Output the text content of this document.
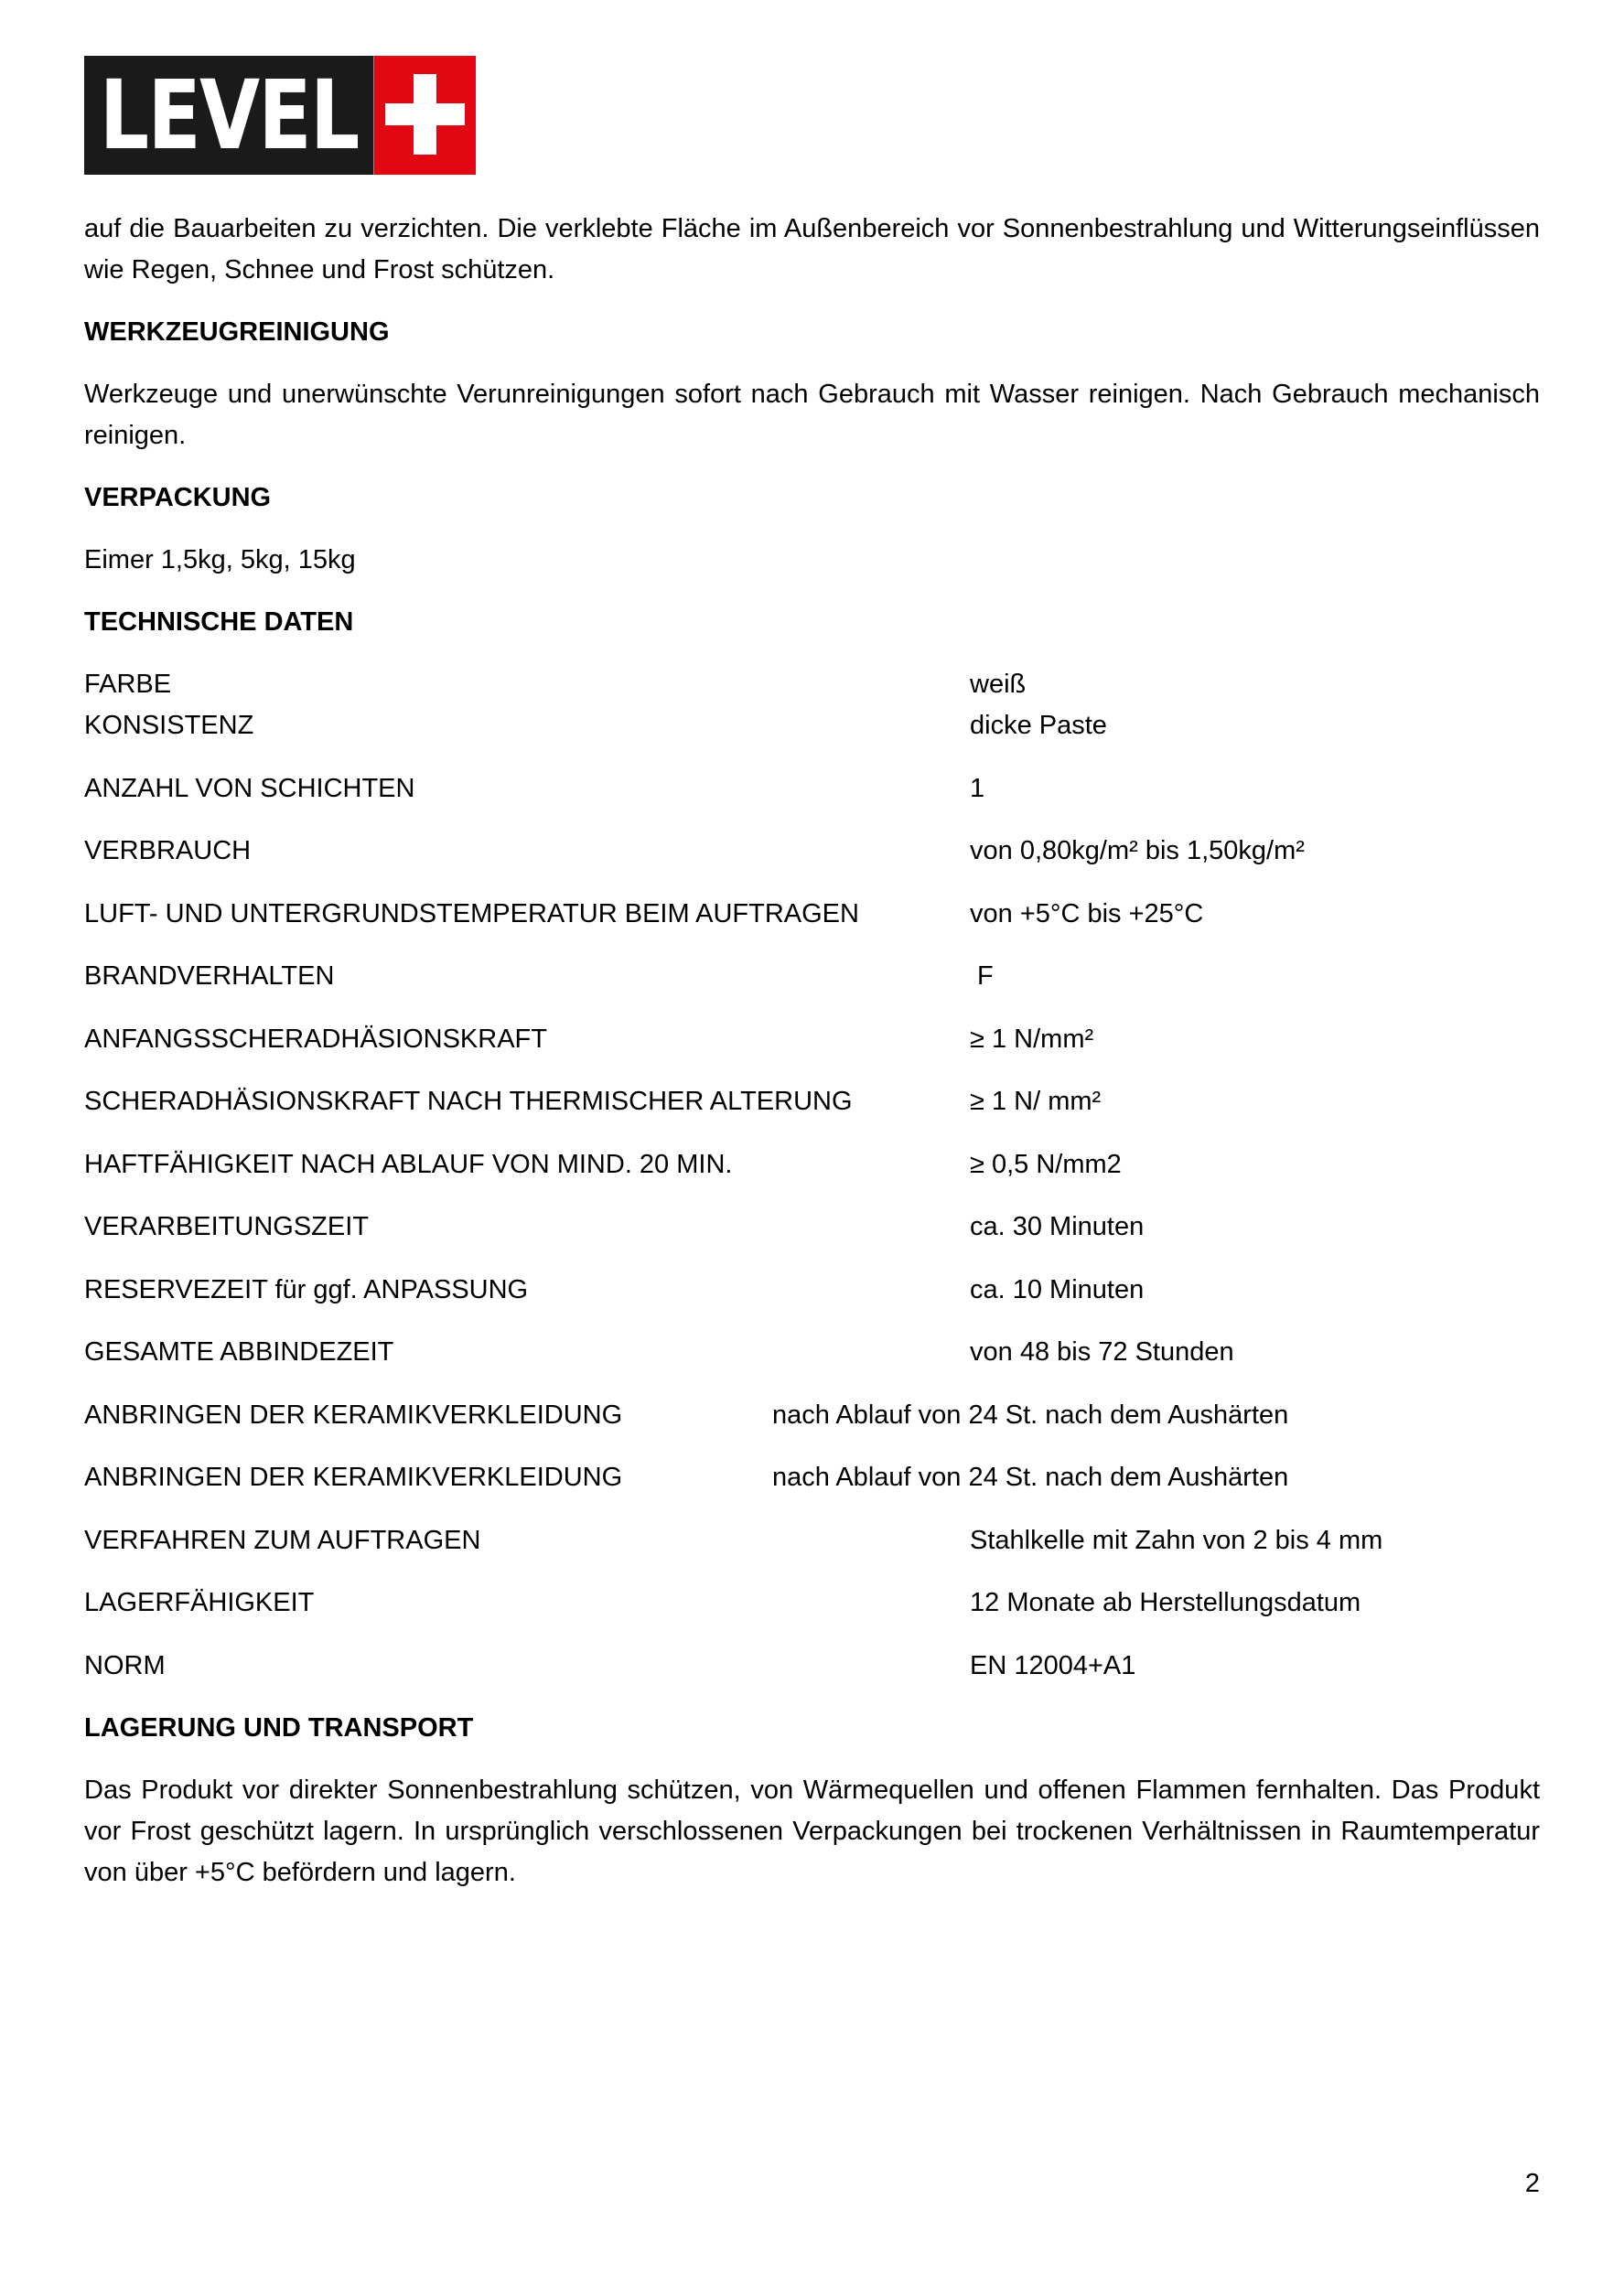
LEVEL

auf die Bauarbeiten zu verzichten. Die verklebte Fläche im Außenbereich vor Sonnenbestrahlung und Witterungseinflüssen wie Regen, Schnee und Frost schützen.

WERKZEUGREINIGUNG

Werkzeuge und unerwünschte Verunreinigungen sofort nach Gebrauch mit Wasser reinigen. Nach Gebrauch mechanisch reinigen.

VERPACKUNG

Eimer 1,5kg, 5kg, 15kg

TECHNISCHE DATEN

FARBE	weiß
KONSISTENZ	dicke Paste
ANZAHL VON SCHICHTEN	1
VERBRAUCH	von 0,80kg/m² bis 1,50kg/m²
LUFT- UND UNTERGRUNDSTEMPERATUR BEIM AUFTRAGEN	von +5°C bis +25°C
BRANDVERHALTEN	F
ANFANGSSCHERADHÄSIONSKRAFT	≥ 1 N/mm²
SCHERADHÄSIONSKRAFT NACH THERMISCHER ALTERUNG	≥ 1 N/ mm²
HAFTFÄHIGKEIT NACH ABLAUF VON MIND. 20 MIN.	≥ 0,5 N/mm2
VERARBEITUNGSZEIT	ca. 30 Minuten
RESERVEZEIT für ggf. ANPASSUNG	ca. 10 Minuten
GESAMTE ABBINDEZEIT	von 48 bis 72 Stunden
ANBRINGEN DER KERAMIKVERKLEIDUNG	nach Ablauf von 24 St. nach dem Aushärten
ANBRINGEN DER KERAMIKVERKLEIDUNG	nach Ablauf von 24 St. nach dem Aushärten
VERFAHREN ZUM AUFTRAGEN	Stahlkelle mit Zahn von 2 bis 4 mm
LAGERFÄHIGKEIT	12 Monate ab Herstellungsdatum
NORM	EN 12004+A1

LAGERUNG UND TRANSPORT

Das Produkt vor direkter Sonnenbestrahlung schützen, von Wärmequellen und offenen Flammen fernhalten. Das Produkt vor Frost geschützt lagern. In ursprünglich verschlossenen Verpackungen bei trockenen Verhältnissen in Raumtemperatur von über +5°C befördern und lagern.

2
